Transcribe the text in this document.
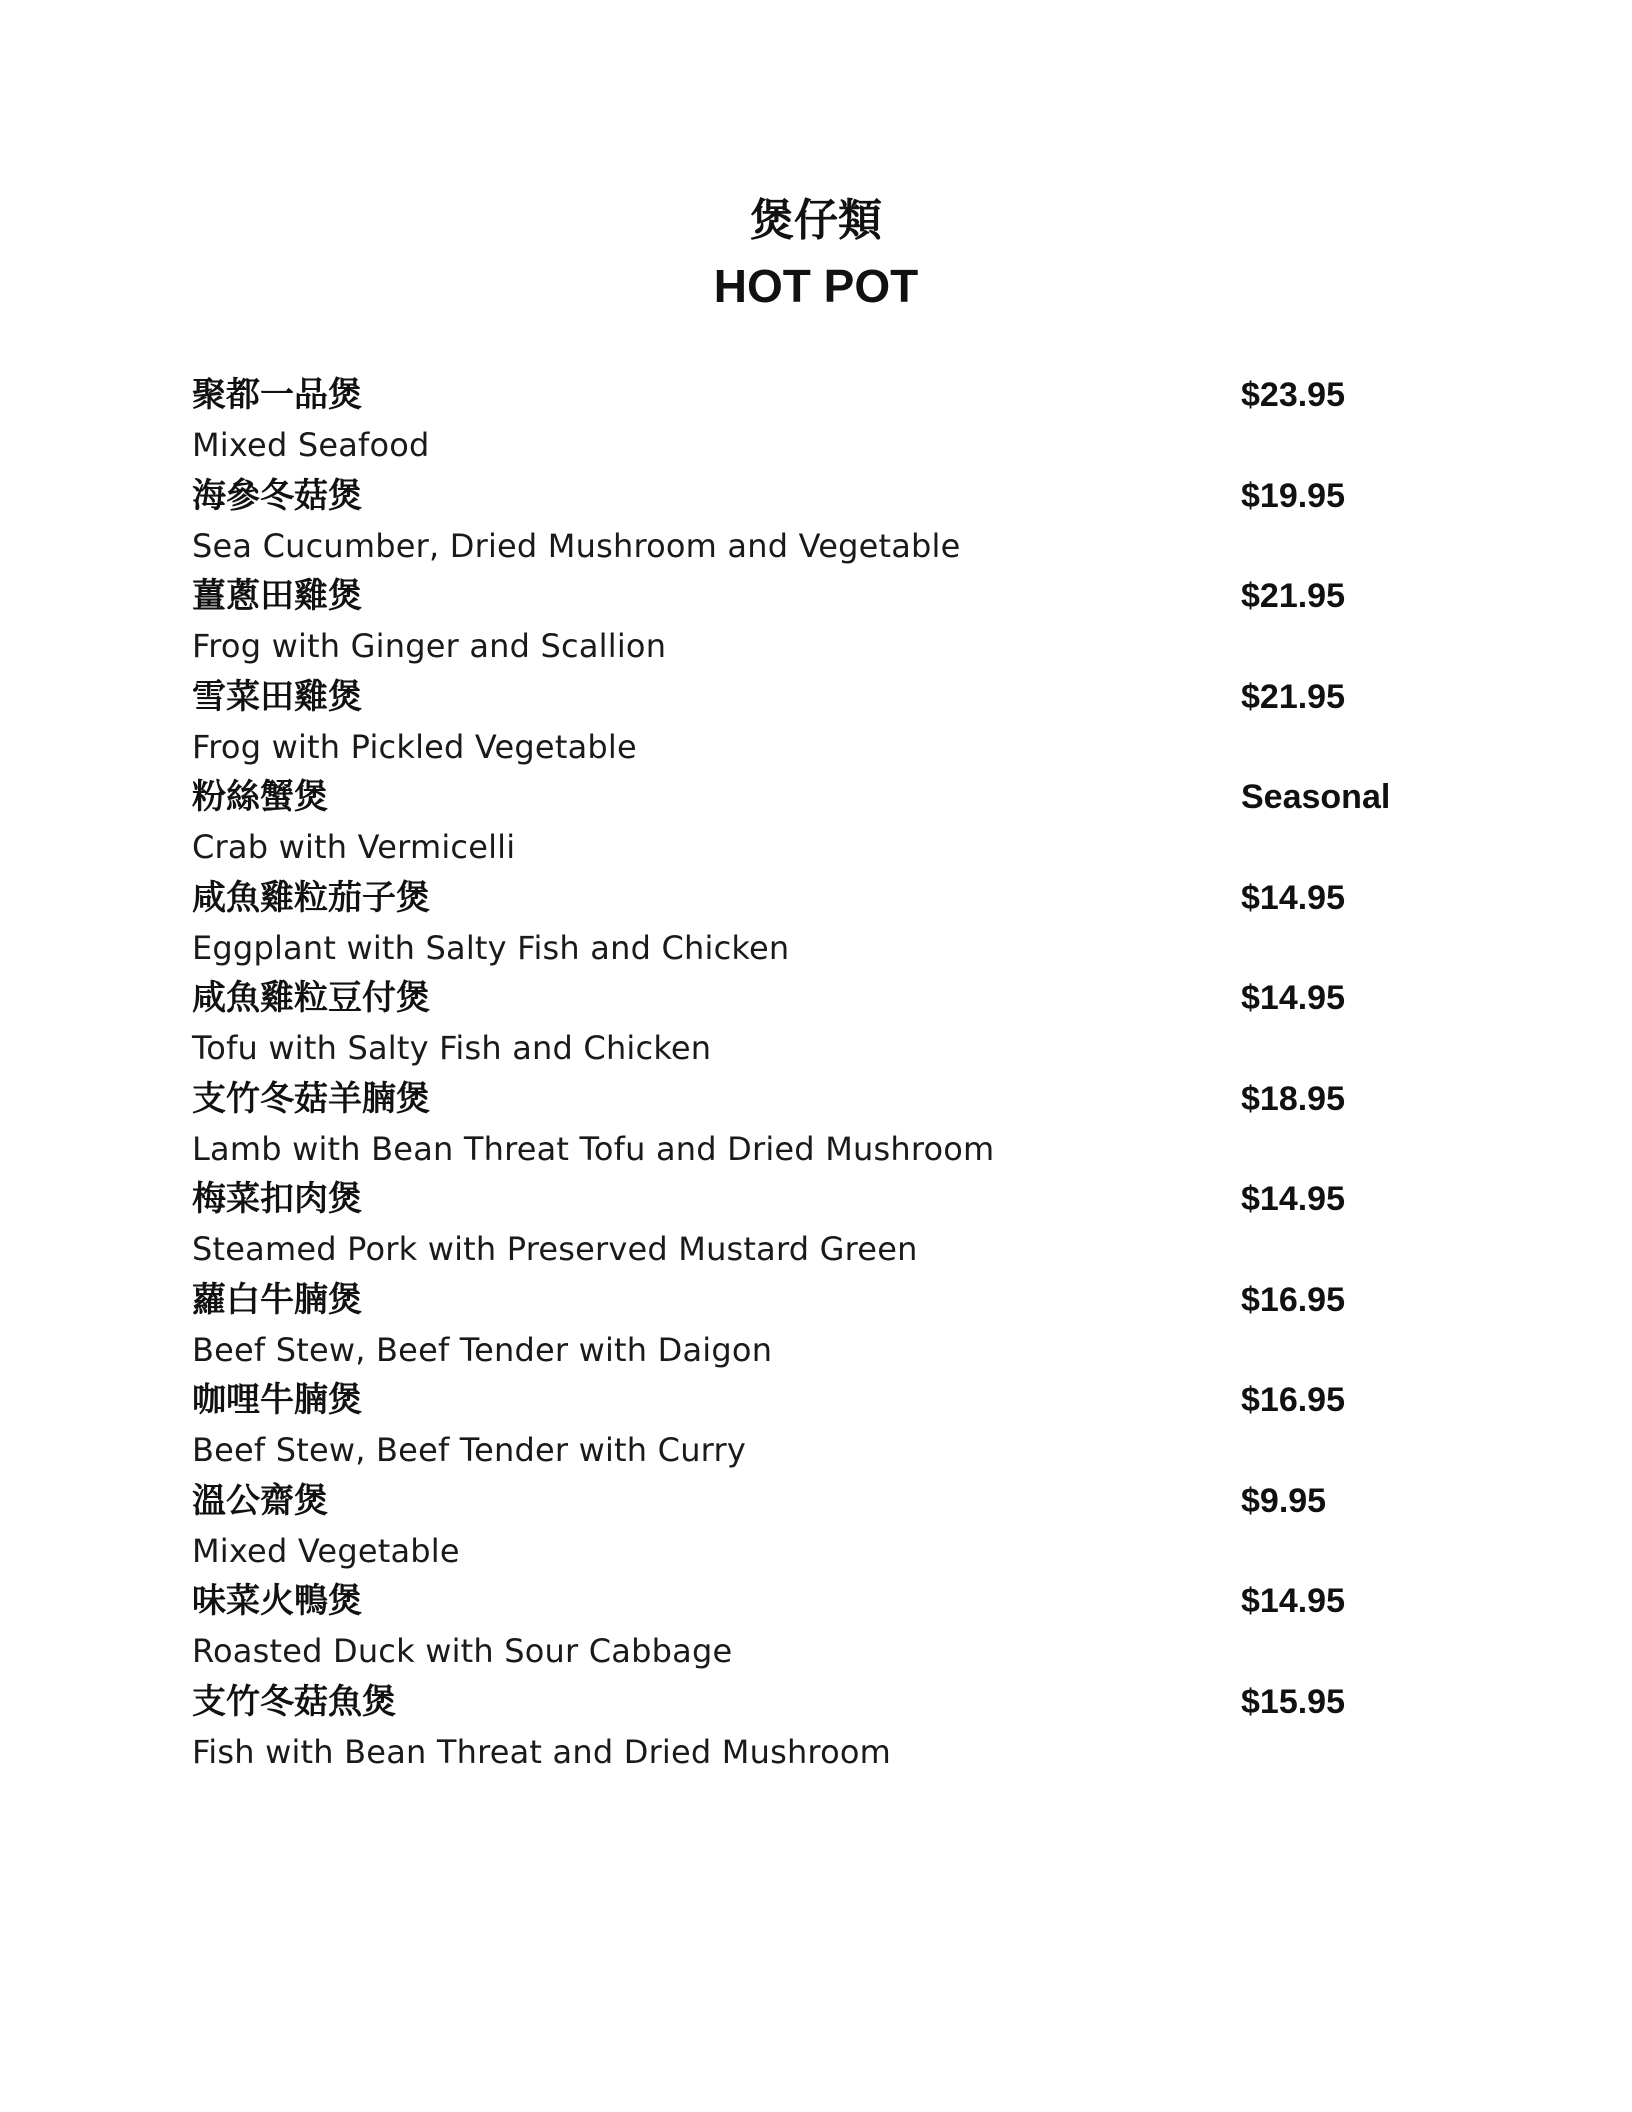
煲仔類
HOT POT
聚都一品煲	$23.95
Mixed Seafood
海參冬菇煲	$19.95
Sea Cucumber, Dried Mushroom and Vegetable
薑蔥田雞煲	$21.95
Frog with Ginger and Scallion
雪菜田雞煲	$21.95
Frog with Pickled Vegetable
粉絲蟹煲	Seasonal
Crab with Vermicelli
咸魚雞粒茄子煲	$14.95
Eggplant with Salty Fish and Chicken
咸魚雞粒豆付煲	$14.95
Tofu with Salty Fish and Chicken
支竹冬菇羊腩煲	$18.95
Lamb with Bean Threat Tofu and Dried Mushroom
梅菜扣肉煲	$14.95
Steamed Pork with Preserved Mustard Green
蘿白牛腩煲	$16.95
Beef Stew, Beef Tender with Daigon
咖哩牛腩煲	$16.95
Beef Stew, Beef Tender with Curry
溫公齋煲	$9.95
Mixed Vegetable
味菜火鴨煲	$14.95
Roasted Duck with Sour Cabbage
支竹冬菇魚煲	$15.95
Fish with Bean Threat and Dried Mushroom
